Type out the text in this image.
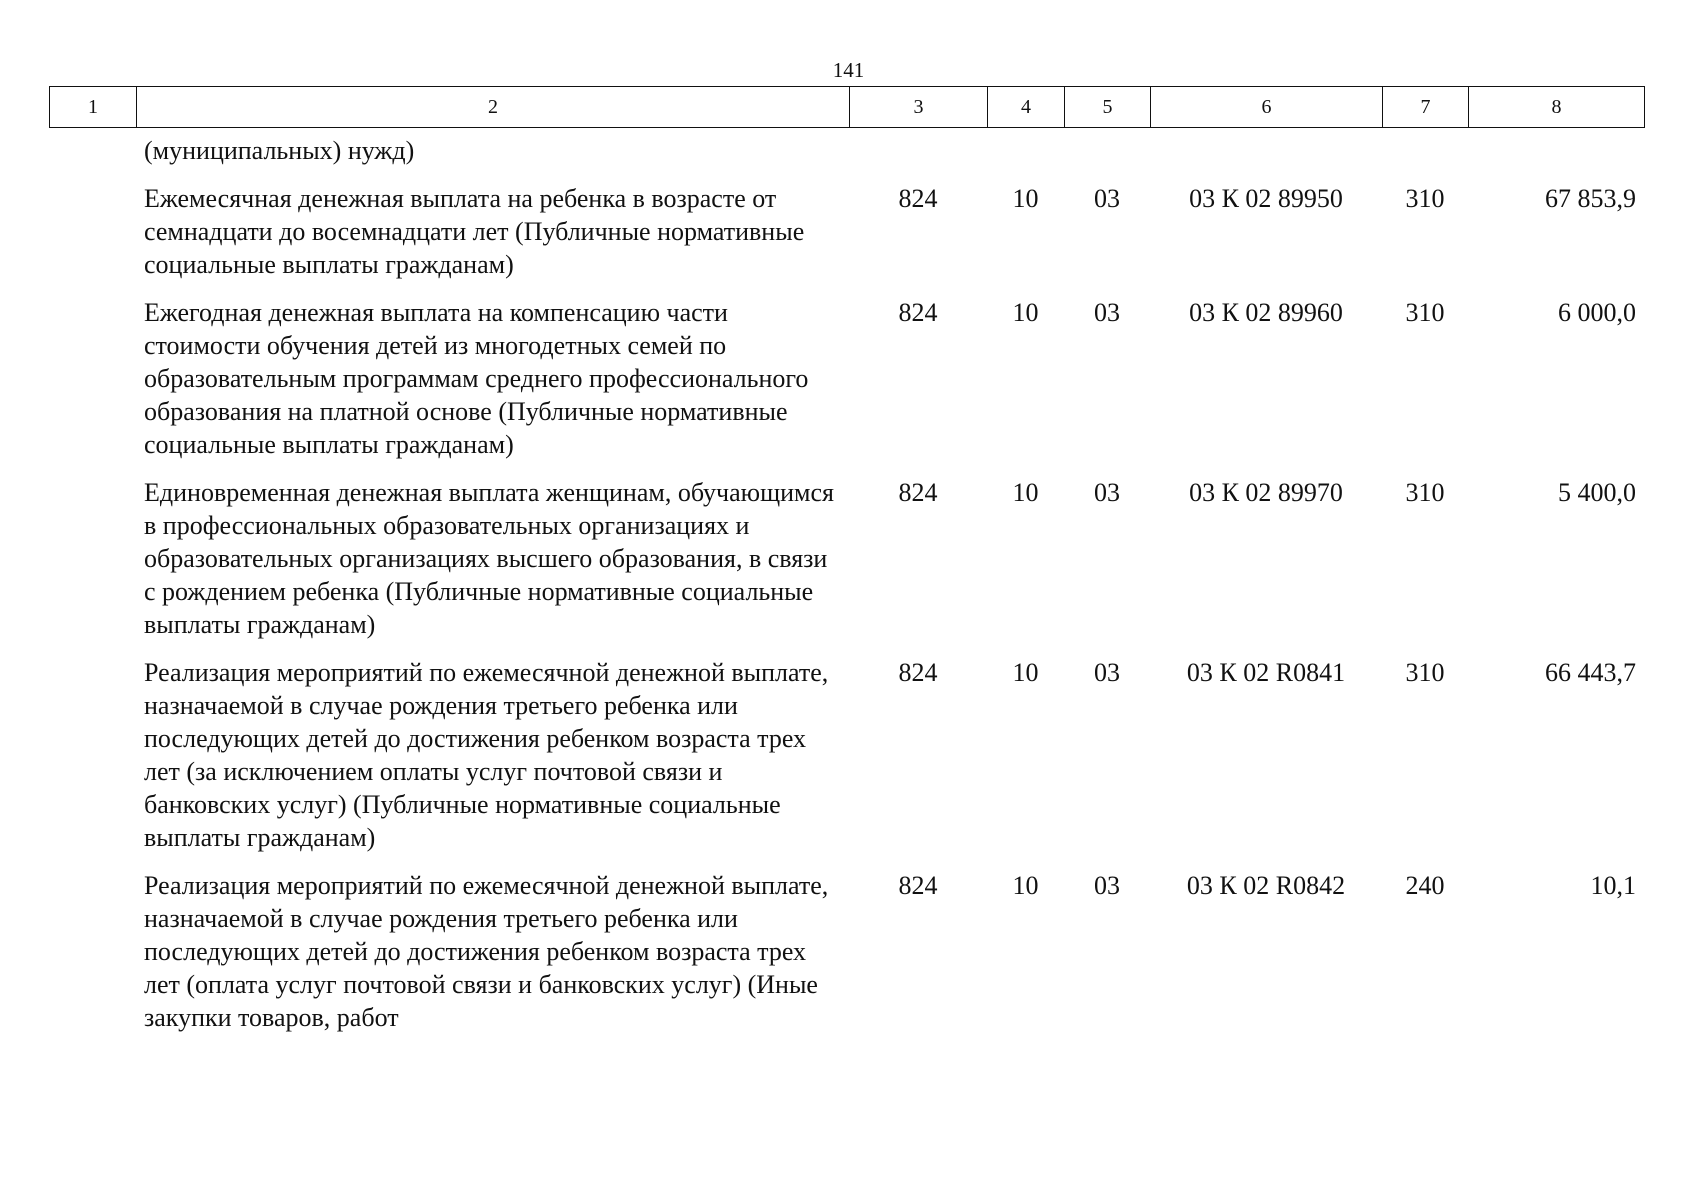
141
1	2	3	4	5	6	7	8
(муниципальных) нужд)						
Ежемесячная денежная выплата на ребенка в возрасте от семнадцати до восемнадцати лет (Публичные нормативные социальные выплаты гражданам)	824	10	03	03 К 02 89950	310	67 853,9
Ежегодная денежная выплата на компенсацию части стоимости обучения детей из многодетных семей по образовательным программам среднего профессионального образования на платной основе (Публичные нормативные социальные выплаты гражданам)	824	10	03	03 К 02 89960	310	6 000,0
Единовременная денежная выплата женщинам, обучающимся в профессиональных образовательных организациях и образовательных организациях высшего образования, в связи с рождением ребенка (Публичные нормативные социальные выплаты гражданам)	824	10	03	03 К 02 89970	310	5 400,0
Реализация мероприятий по ежемесячной денежной выплате, назначаемой в случае рождения третьего ребенка или последующих детей до достижения ребенком возраста трех лет (за исключением оплаты услуг почтовой связи и банковских услуг) (Публичные нормативные социальные выплаты гражданам)	824	10	03	03 К 02 R0841	310	66 443,7
Реализация мероприятий по ежемесячной денежной выплате, назначаемой в случае рождения третьего ребенка или последующих детей до достижения ребенком возраста трех лет (оплата услуг почтовой связи и банковских услуг) (Иные закупки товаров, работ	824	10	03	03 К 02 R0842	240	10,1
